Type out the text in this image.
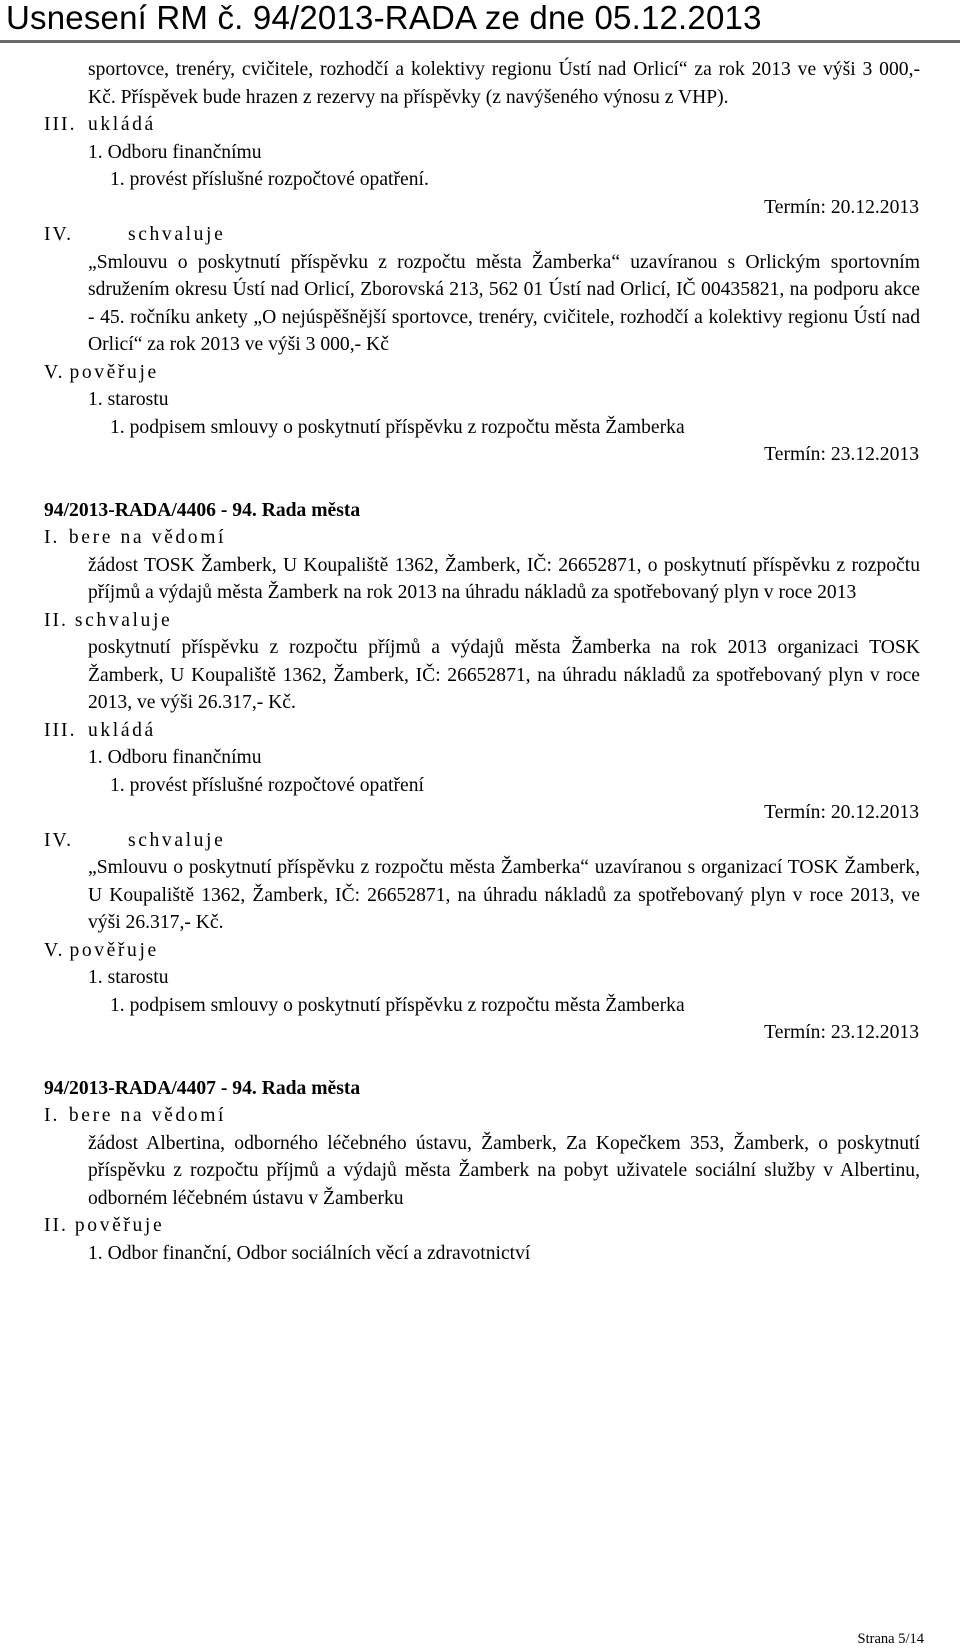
Usnesení RM č. 94/2013-RADA ze dne 05.12.2013

sportovce, trenéry, cvičitele, rozhodčí a kolektivy regionu Ústí nad Orlicí“ za rok 2013 ve výši 3 000,- Kč. Příspěvek bude hrazen z rezervy na příspěvky (z navýšeného výnosu z VHP).

III. ukládá
1. Odboru finančnímu
1. provést příslušné rozpočtové opatření.
Termín: 20.12.2013
IV.	schvaluje

„Smlouvu o poskytnutí příspěvku z rozpočtu města Žamberka“ uzavíranou s Orlickým sportovním sdružením okresu Ústí nad Orlicí, Zborovská 213, 562 01 Ústí nad Orlicí, IČ 00435821, na podporu akce - 45. ročníku ankety „O nejúspěšnější sportovce, trenéry, cvičitele, rozhodčí a kolektivy regionu Ústí nad Orlicí“ za rok 2013 ve výši 3 000,- Kč

V. pověřuje
1. starostu
1. podpisem smlouvy o poskytnutí příspěvku z rozpočtu města Žamberka
Termín: 23.12.2013
94/2013-RADA/4406 - 94. Rada města
I. bere na vědomí

žádost TOSK Žamberk, U Koupaliště 1362, Žamberk, IČ: 26652871, o poskytnutí příspěvku z rozpočtu příjmů a výdajů města Žamberk na rok 2013 na úhradu nákladů za spotřebovaný plyn v roce 2013

II. schvaluje

poskytnutí příspěvku z rozpočtu příjmů a výdajů města Žamberka na rok 2013 organizaci TOSK Žamberk, U Koupaliště 1362, Žamberk, IČ: 26652871, na úhradu nákladů za spotřebovaný plyn v roce 2013, ve výši 26.317,- Kč.

III. ukládá
1. Odboru finančnímu
1. provést příslušné rozpočtové opatření
Termín: 20.12.2013
IV.	schvaluje

„Smlouvu o poskytnutí příspěvku z rozpočtu města Žamberka“ uzavíranou s organizací TOSK Žamberk, U Koupaliště 1362, Žamberk, IČ: 26652871, na úhradu nákladů za spotřebovaný plyn v roce 2013, ve výši 26.317,- Kč.

V. pověřuje
1. starostu
1. podpisem smlouvy o poskytnutí příspěvku z rozpočtu města Žamberka
Termín: 23.12.2013
94/2013-RADA/4407 - 94. Rada města
I. bere na vědomí

žádost Albertina, odborného léčebného ústavu, Žamberk, Za Kopečkem 353, Žamberk, o poskytnutí příspěvku z rozpočtu příjmů a výdajů města Žamberk na pobyt uživatele sociální služby v Albertinu, odborném léčebném ústavu v Žamberku

II. pověřuje
1. Odbor finanční, Odbor sociálních věcí a zdravotnictví
Strana 5/14
